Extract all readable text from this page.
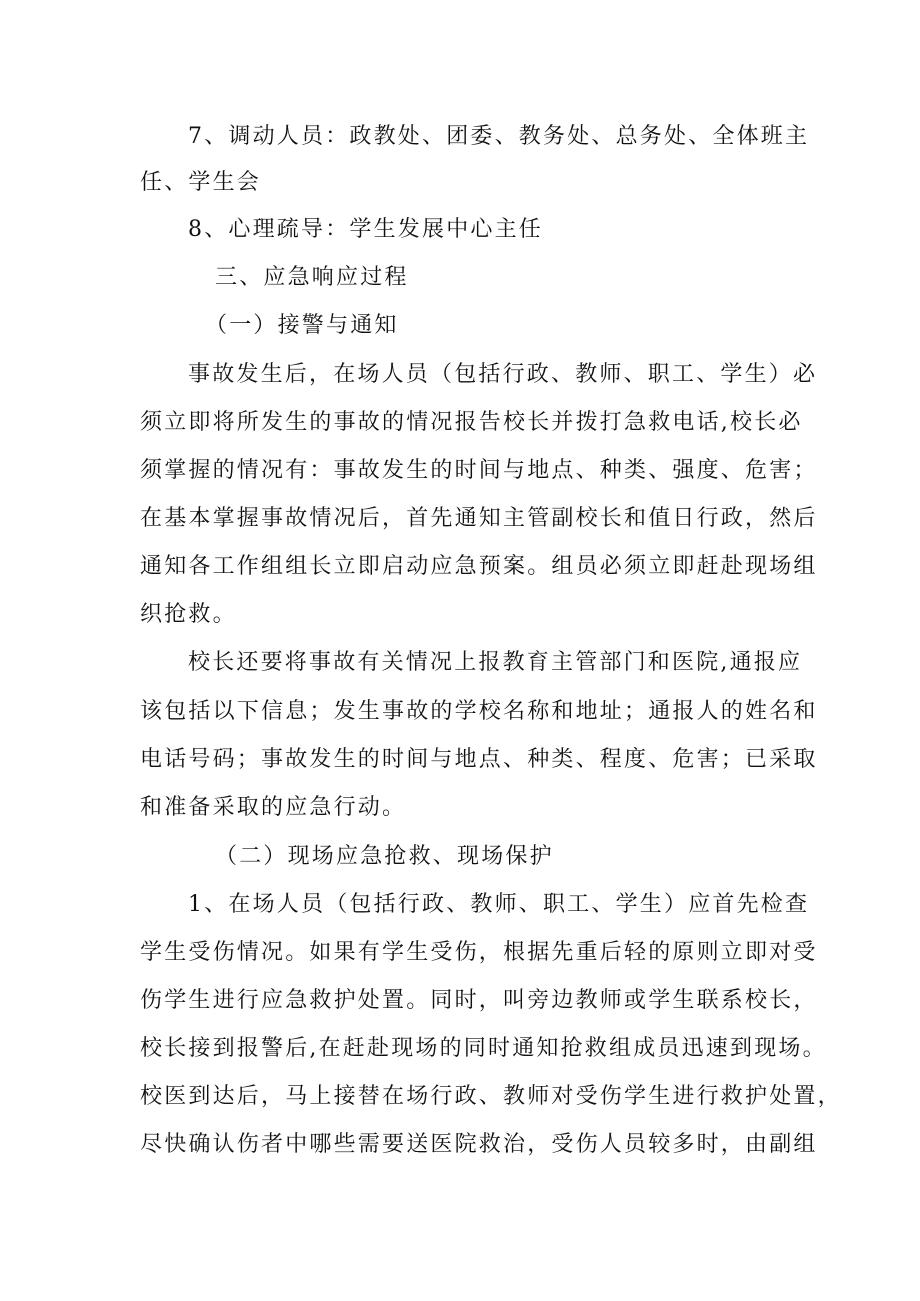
7、调动人员：政教处、团委、教务处、总务处、全体班主
任、学生会
8、心理疏导：学生发展中心主任
三、应急响应过程
（一）接警与通知
事故发生后，在场人员（包括行政、教师、职工、学生）必
须立即将所发生的事故的情况报告校长并拨打急救电话,校长必
须掌握的情况有：事故发生的时间与地点、种类、强度、危害；
在基本掌握事故情况后，首先通知主管副校长和值日行政，然后
通知各工作组组长立即启动应急预案。组员必须立即赶赴现场组
织抢救。
校长还要将事故有关情况上报教育主管部门和医院,通报应
该包括以下信息；发生事故的学校名称和地址；通报人的姓名和
电话号码；事故发生的时间与地点、种类、程度、危害；已采取
和准备采取的应急行动。
（二）现场应急抢救、现场保护
1、在场人员（包括行政、教师、职工、学生）应首先检查
学生受伤情况。如果有学生受伤，根据先重后轻的原则立即对受
伤学生进行应急救护处置。同时，叫旁边教师或学生联系校长，
校长接到报警后,在赶赴现场的同时通知抢救组成员迅速到现场。
校医到达后，马上接替在场行政、教师对受伤学生进行救护处置，
尽快确认伤者中哪些需要送医院救治，受伤人员较多时，由副组
